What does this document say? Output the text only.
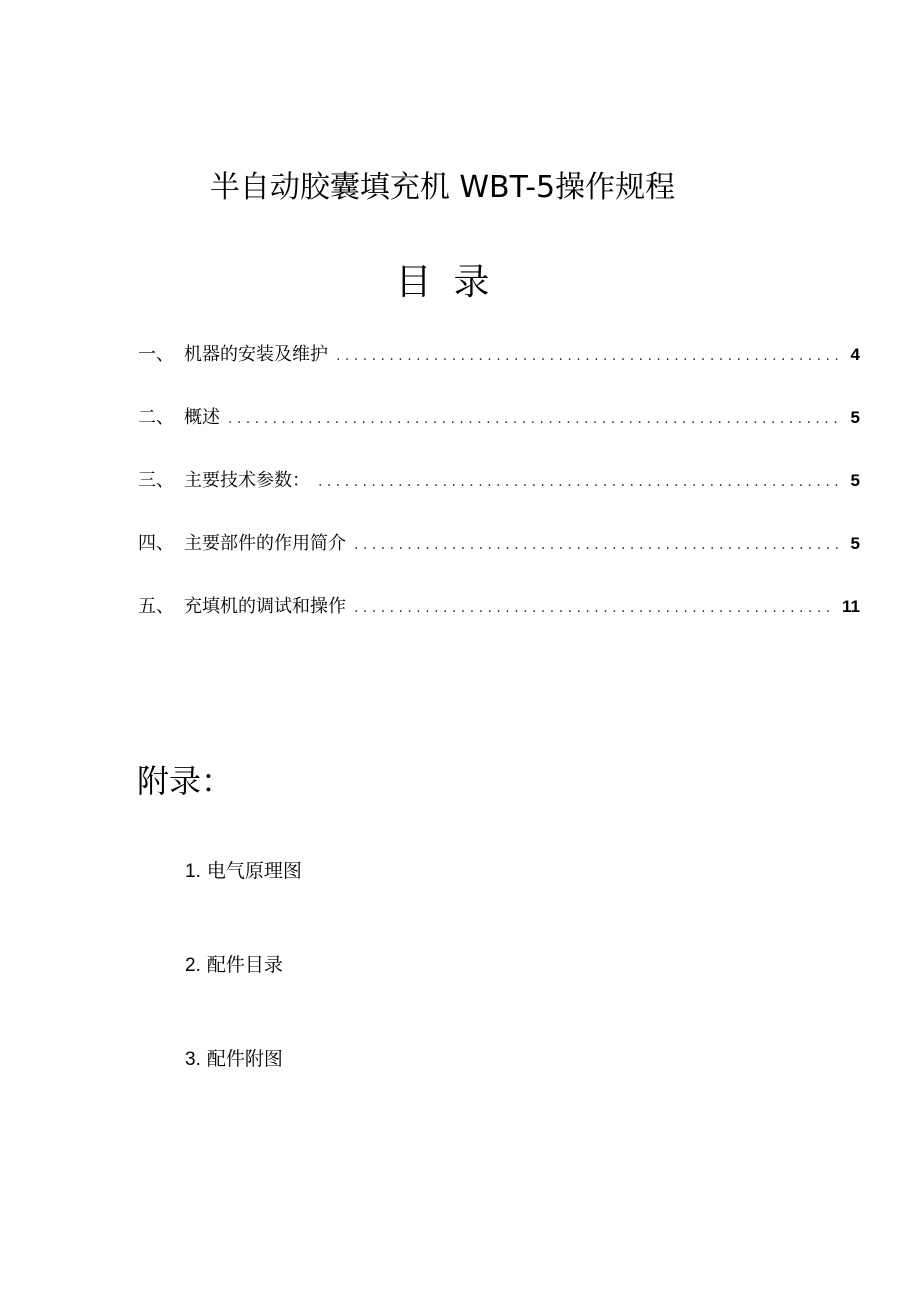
半自动胶囊填充机 WBT-5操作规程
目录
一、 机器的安装及维护 . . .	4
二、 概述 . . .	5
三、 主要技术参数： . . .	5
四、 主要部件的作用简介 . . .	5
五、 充填机的调试和操作 . . .	11
附录：
1. 电气原理图
2. 配件目录
3. 配件附图
